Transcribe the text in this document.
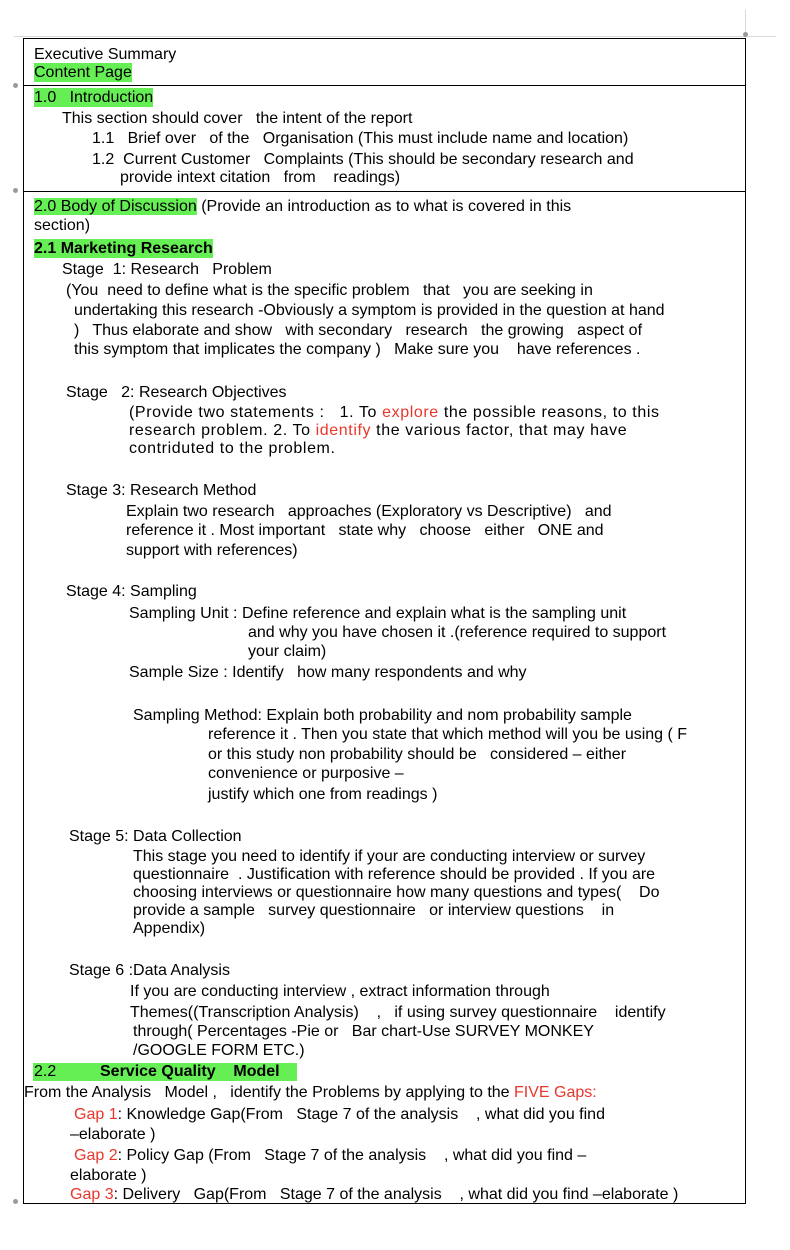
Executive Summary
Content Page
1.0   Introduction
This section should cover   the intent of the report
1.1   Brief over   of the   Organisation (This must include name and location)
1.2  Current Customer   Complaints (This should be secondary research and
provide intext citation   from    readings)
2.0 Body of Discussion (Provide an introduction as to what is covered in this
section)
2.1 Marketing Research
Stage  1: Research   Problem
(You  need to define what is the specific problem   that   you are seeking in
undertaking this research -Obviously a symptom is provided in the question at hand
)   Thus elaborate and show   with secondary   research   the growing   aspect of
this symptom that implicates the company )   Make sure you    have references .
Stage   2: Research Objectives
(Provide two statements :   1. To explore the possible reasons, to this
research problem. 2. To identify the various factor, that may have
contriduted to the problem.
Stage 3: Research Method
Explain two research   approaches (Exploratory vs Descriptive)   and
reference it . Most important   state why   choose   either   ONE and
support with references)
Stage 4: Sampling
Sampling Unit : Define reference and explain what is the sampling unit
and why you have chosen it .(reference required to support
your claim)
Sample Size : Identify   how many respondents and why
Sampling Method: Explain both probability and nom probability sample
reference it . Then you state that which method will you be using ( F
or this study non probability should be   considered – either
convenience or purposive –
justify which one from readings )
Stage 5: Data Collection
This stage you need to identify if your are conducting interview or survey
questionnaire  . Justification with reference should be provided . If you are
choosing interviews or questionnaire how many questions and types(    Do
provide a sample   survey questionnaire   or interview questions    in
Appendix)
Stage 6 :Data Analysis
If you are conducting interview , extract information through
Themes((Transcription Analysis)    ,   if using survey questionnaire    identify
through( Percentages -Pie or   Bar chart-Use SURVEY MONKEY
/GOOGLE FORM ETC.)
2.2	Service Quality    Model
From the Analysis   Model ,   identify the Problems by applying to the FIVE Gaps:
Gap 1: Knowledge Gap(From   Stage 7 of the analysis    , what did you find
–elaborate )
Gap 2: Policy Gap (From   Stage 7 of the analysis    , what did you find –
elaborate )
Gap 3: Delivery   Gap(From   Stage 7 of the analysis    , what did you find –elaborate )
